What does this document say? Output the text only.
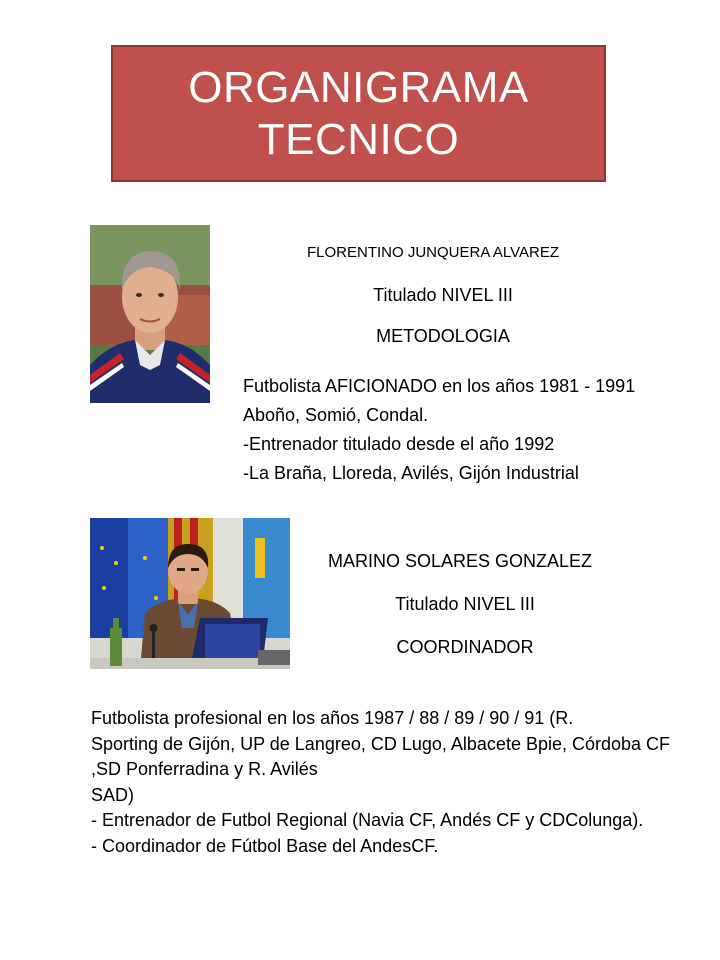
ORGANIGRAMA
TECNICO
FLORENTINO JUNQUERA ALVAREZ
Titulado NIVEL III
METODOLOGIA
Futbolista AFICIONADO en los años 1981 - 1991
Aboño, Somió, Condal.
-Entrenador titulado desde el año 1992
-La Braña, Lloreda, Avilés, Gijón Industrial
MARINO SOLARES GONZALEZ
Titulado NIVEL III
COORDINADOR
Futbolista profesional en los años 1987 / 88 / 89 / 90 / 91 (R.
Sporting de Gijón, UP de Langreo, CD Lugo, Albacete Bpie, Córdoba CF ,SD Ponferradina y R. Avilés
SAD)
- Entrenador de Futbol Regional (Navia CF, Andés CF y CDColunga).
- Coordinador de Fútbol Base del AndesCF.
